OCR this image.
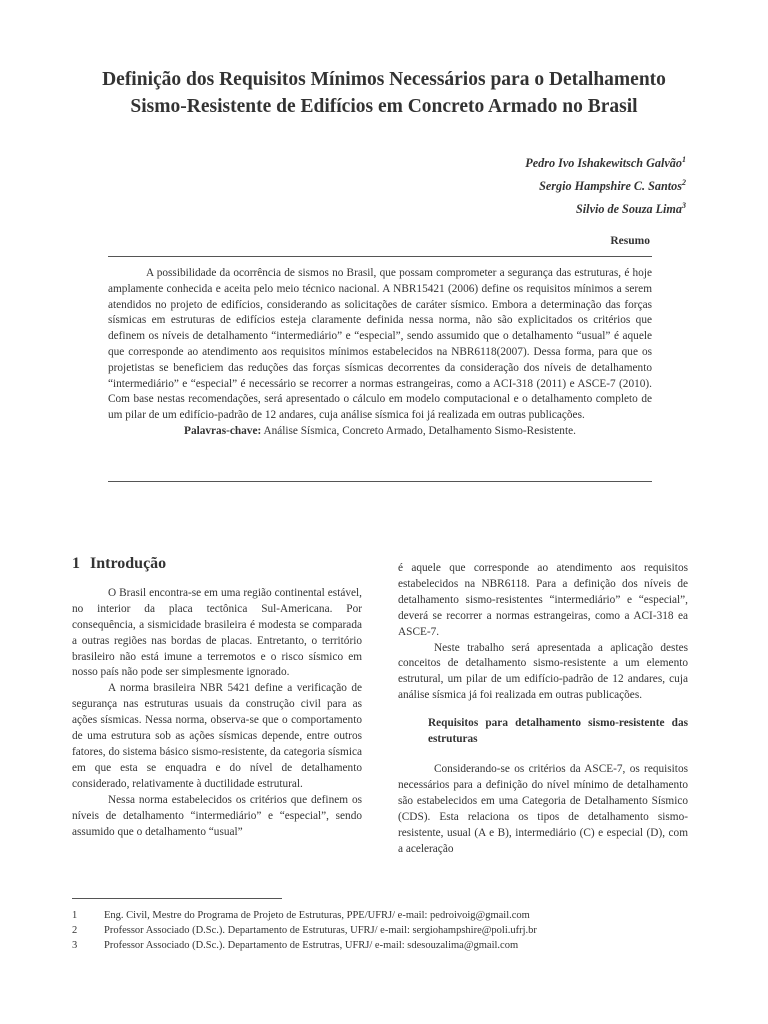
Definição dos Requisitos Mínimos Necessários para o Detalhamento
Sismo-Resistente de Edifícios em Concreto Armado no Brasil
Pedro Ivo Ishakewitsch Galvão$^1$
Sergio Hampshire C. Santos$^2$
Silvio de Souza Lima$^3$
Resumo

A possibilidade da ocorrência de sismos no Brasil, que possam comprometer a segurança das estruturas, é hoje amplamente conhecida e aceita pelo meio técnico nacional. A NBR15421 (2006) define os requisitos mínimos a serem atendidos no projeto de edifícios, considerando as solicitações de caráter sísmico. Embora a determinação das forças sísmicas em estruturas de edifícios esteja claramente definida nessa norma, não são explicitados os critérios que definem os níveis de detalhamento “intermediário” e “especial”, sendo assumido que o detalhamento “usual” é aquele que corresponde ao atendimento aos requisitos mínimos estabelecidos na NBR6118(2007). Dessa forma, para que os projetistas se beneficiem das reduções das forças sísmicas decorrentes da consideração dos níveis de detalhamento “intermediário” e “especial” é necessário se recorrer a normas estrangeiras, como a ACI-318 (2011) e ASCE-7 (2010). Com base nestas recomendações, será apresentado o cálculo em modelo computacional e o detalhamento completo de um pilar de um edifício-padrão de 12 andares, cuja análise sísmica foi já realizada em outras publicações.

Palavras-chave: Análise Sísmica, Concreto Armado, Detalhamento Sismo-Resistente.
1 Introdução

O Brasil encontra-se em uma região continental estável, no interior da placa tectônica Sul-Americana. Por consequência, a sismicidade brasileira é modesta se comparada a outras regiões nas bordas de placas. Entretanto, o território brasileiro não está imune a terremotos e o risco sísmico em nosso país não pode ser simplesmente ignorado.

A norma brasileira NBR 5421 define a verificação de segurança nas estruturas usuais da construção civil para as ações sísmicas. Nessa norma, observa-se que o comportamento de uma estrutura sob as ações sísmicas depende, entre outros fatores, do sistema básico sismo-resistente, da categoria sísmica em que esta se enquadra e do nível de detalhamento considerado, relativamente à ductilidade estrutural.

Nessa norma estabelecidos os critérios que definem os níveis de detalhamento “intermediário” e “especial”, sendo assumido que o detalhamento “usual”

é aquele que corresponde ao atendimento aos requisitos estabelecidos na NBR6118. Para a definição dos níveis de detalhamento sismo-resistentes “intermediário” e “especial”, deverá se recorrer a normas estrangeiras, como a ACI-318 ea ASCE-7.

Neste trabalho será apresentada a aplicação destes conceitos de detalhamento sismo-resistente a um elemento estrutural, um pilar de um edifício-padrão de 12 andares, cuja análise sísmica já foi realizada em outras publicações.

Requisitos para detalhamento sismo-resistente das estruturas

Considerando-se os critérios da ASCE-7, os requisitos necessários para a definição do nível mínimo de detalhamento são estabelecidos em uma Categoria de Detalhamento Sísmico (CDS). Esta relaciona os tipos de detalhamento sismo-resistente, usual (A e B), intermediário (C) e especial (D), com a aceleração

1	Eng. Civil, Mestre do Programa de Projeto de Estruturas, PPE/UFRJ/ e-mail: pedroivoig@gmail.com
2	Professor Associado (D.Sc.). Departamento de Estruturas, UFRJ/ e-mail: sergiohampshire@poli.ufrj.br
3	Professor Associado (D.Sc.). Departamento de Estrutras, UFRJ/ e-mail: sdesouzalima@gmail.com
